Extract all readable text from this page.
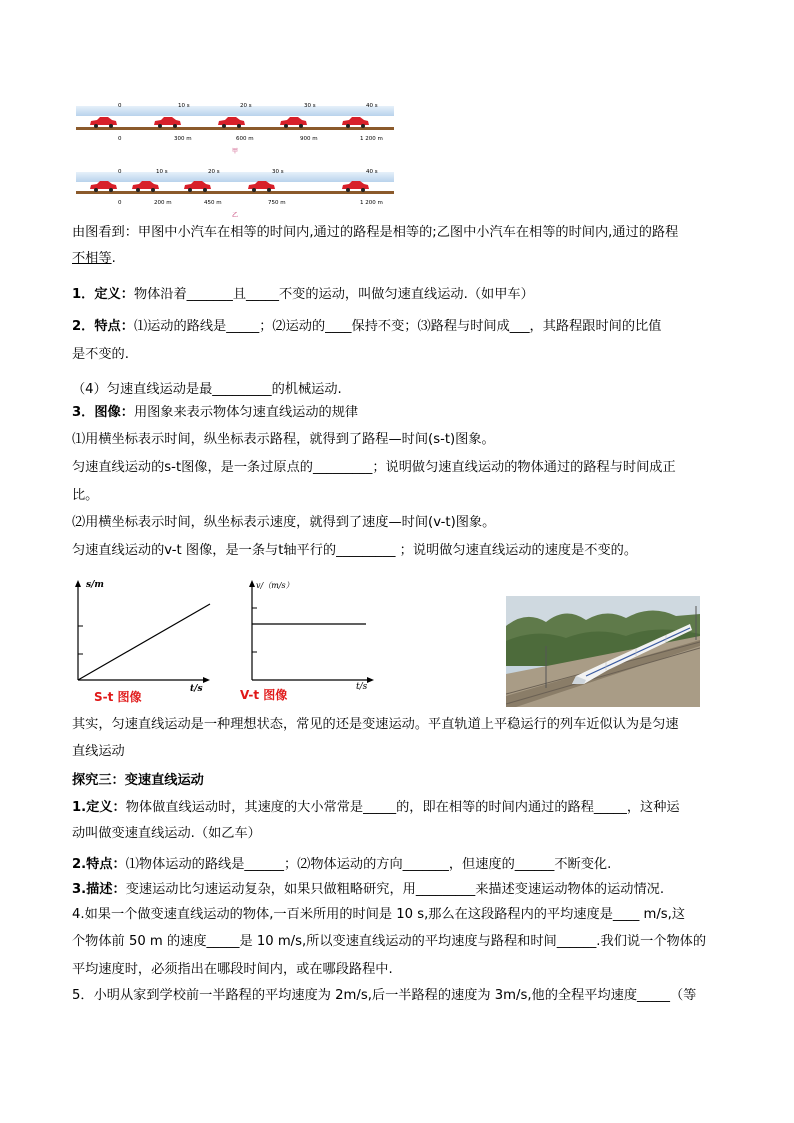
0	10 s	20 s	30 s	40 s
0	300 m	600 m	900 m	1 200 m
甲
0	10 s	20 s	30 s	40 s
0	200 m	450 m	750 m	1 200 m
乙
由图看到：甲图中小汽车在相等的时间内,通过的路程是相等的;乙图中小汽车在相等的时间内,通过的路程
不相等.
1．定义：物体沿着_______且_____不变的运动，叫做匀速直线运动.（如甲车）
2．特点：⑴运动的路线是_____；⑵运动的____保持不变；⑶路程与时间成___，其路程跟时间的比值
是不变的.
（4）匀速直线运动是最_________的机械运动.
3．图像：用图象来表示物体匀速直线运动的规律
⑴用横坐标表示时间，纵坐标表示路程，就得到了路程—时间(s-t)图象。
匀速直线运动的s-t图像，是一条过原点的_________；说明做匀速直线运动的物体通过的路程与时间成正
比。
⑵用横坐标表示时间，纵坐标表示速度，就得到了速度—时间(v-t)图象。
匀速直线运动的v-t 图像，是一条与t轴平行的_________ ；说明做匀速直线运动的速度是不变的。
s/m
t/s
S-t 图像
v/（m/s）
t/s
V-t 图像
其实，匀速直线运动是一种理想状态，常见的还是变速运动。平直轨道上平稳运行的列车近似认为是匀速
直线运动
探究三：变速直线运动
1.定义：物体做直线运动时，其速度的大小常常是_____的，即在相等的时间内通过的路程_____，这种运
动叫做变速直线运动.（如乙车）
2.特点：⑴物体运动的路线是______；⑵物体运动的方向_______，但速度的______不断变化.
3.描述：变速运动比匀速运动复杂，如果只做粗略研究，用_________来描述变速运动物体的运动情况.
4.如果一个做变速直线运动的物体,一百米所用的时间是 10 s,那么在这段路程内的平均速度是____ m/s,这
个物体前 50 m 的速度_____是 10 m/s,所以变速直线运动的平均速度与路程和时间______.我们说一个物体的
平均速度时，必须指出在哪段时间内，或在哪段路程中.
5．小明从家到学校前一半路程的平均速度为 2m/s,后一半路程的速度为 3m/s,他的全程平均速度_____（等
